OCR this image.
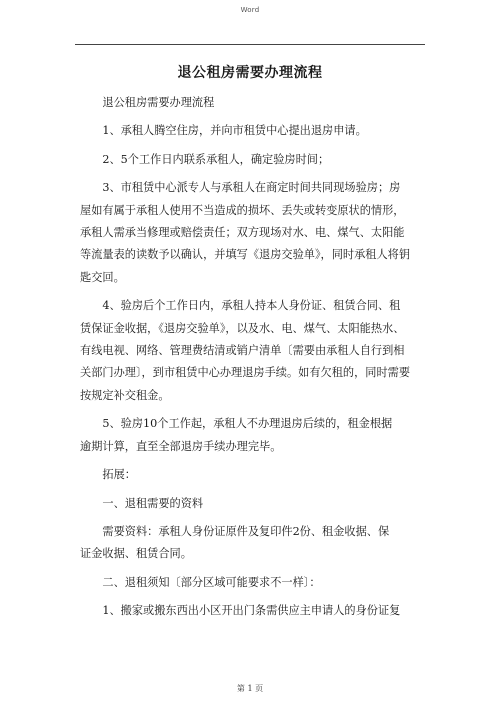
Word
退公租房需要办理流程
　　退公租房需要办理流程
　　1、承租人腾空住房，并向市租赁中心提出退房申请。
　　2、5个工作日内联系承租人，确定验房时间；
　　3、市租赁中心派专人与承租人在商定时间共同现场验房；房
屋如有属于承租人使用不当造成的损坏、丢失或转变原状的情形，
承租人需承当修理或赔偿责任；双方现场对水、电、煤气、太阳能
等流量表的读数予以确认，并填写《退房交验单》，同时承租人将钥
匙交回。
　　4、验房后个工作日内，承租人持本人身份证、租赁合同、租
赁保证金收据，《退房交验单》，以及水、电、煤气、太阳能热水、
有线电视、网络、管理费结清或销户清单〔需要由承租人自行到相
关部门办理〕，到市租赁中心办理退房手续。如有欠租的，同时需要
按规定补交租金。
　　5、验房10个工作起，承租人不办理退房后续的，租金根据
逾期计算，直至全部退房手续办理完毕。
　　拓展：
　　一、退租需要的资料
　　需要资料：承租人身份证原件及复印件2份、租金收据、保
证金收据、租赁合同。
　　二、退租须知〔部分区域可能要求不一样〕：
　　1、搬家或搬东西出小区开出门条需供应主申请人的身份证复
第 1 页
